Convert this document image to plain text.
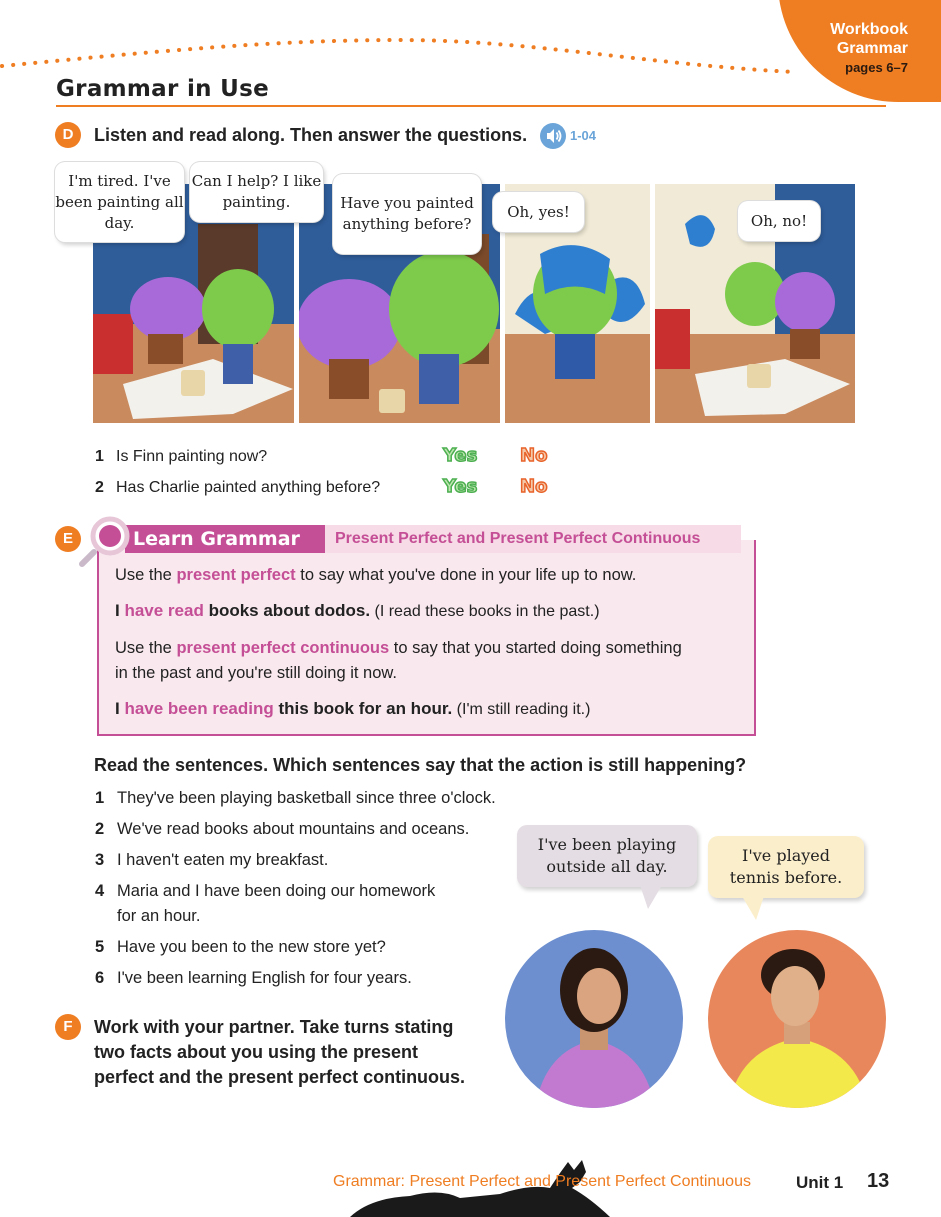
Workbook
Grammar
pages 6–7
Grammar in Use
D	Listen and read along. Then answer the questions.	1-04
I'm tired. I've been painting all day.
Can I help? I like painting.	Have you painted anything before?
Oh, yes!	Oh, no!
1 Is Finn painting now?	Yes No
2 Has Charlie painted anything before?	Yes No
E	Learn Grammar	Present Perfect and Present Perfect Continuous
Use the present perfect to say what you've done in your life up to now.
I have read books about dodos. (I read these books in the past.)
Use the present perfect continuous to say that you started doing something
in the past and you're still doing it now.
I have been reading this book for an hour. (I'm still reading it.)
Read the sentences. Which sentences say that the action is still happening?
1 They've been playing basketball since three o'clock.
2 We've read books about mountains and oceans.
3 I haven't eaten my breakfast.
4 Maria and I have been doing our homework
for an hour.
5 Have you been to the new store yet?
6 I've been learning English for four years.
F	Work with your partner. Take turns stating
two facts about you using the present
perfect and the present perfect continuous.
I've been playing
outside all day.
I've played
tennis before.
Grammar: Present Perfect and Present Perfect Continuous	Unit 1 13
